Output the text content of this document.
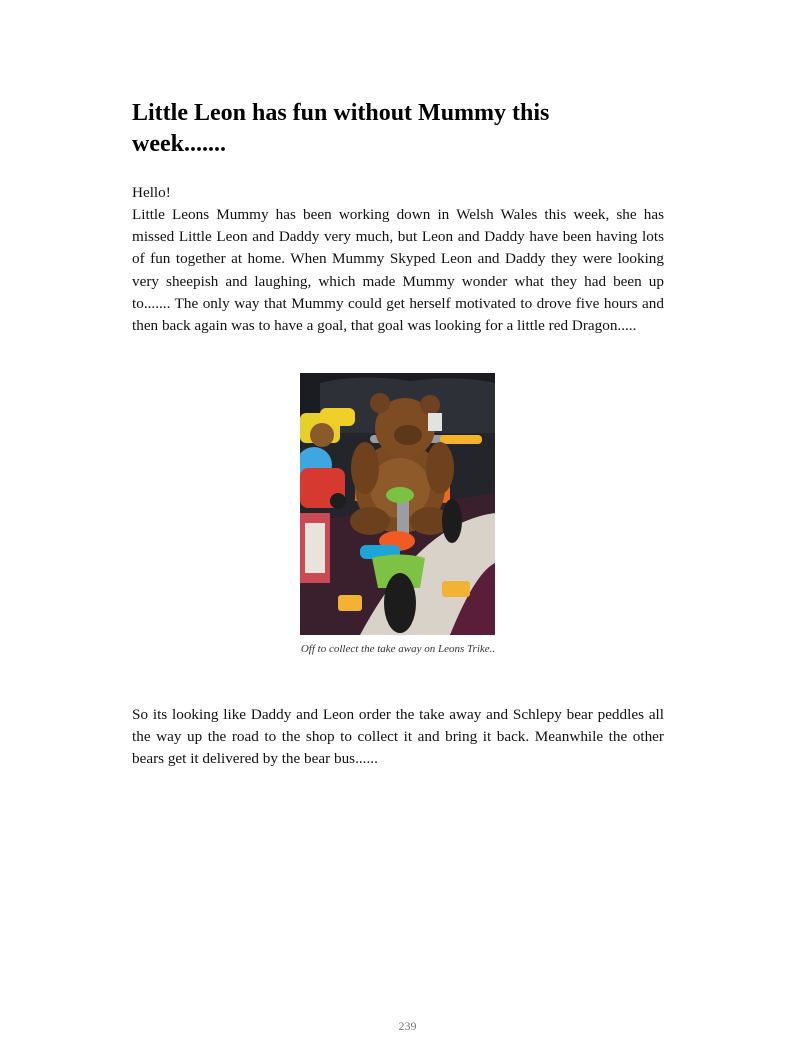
Little Leon has fun without Mummy this week.......
Hello!
Little Leons Mummy has been working down in Welsh Wales this week, she has missed Little Leon and Daddy very much, but Leon and Daddy have been having lots of fun together at home. When Mummy Skyped Leon and Daddy they were looking very sheepish and laughing, which made Mummy wonder what they had been up to....... The only way that Mummy could get herself motivated to drove five hours and then back again was to have a goal, that goal was looking for a little red Dragon.....
Off to collect the take away on Leons Trike..
So its looking like Daddy and Leon order the take away and Schlepy bear peddles all the way up the road to the shop to collect it and bring it back. Meanwhile the other bears get it delivered by the bear bus......
239
